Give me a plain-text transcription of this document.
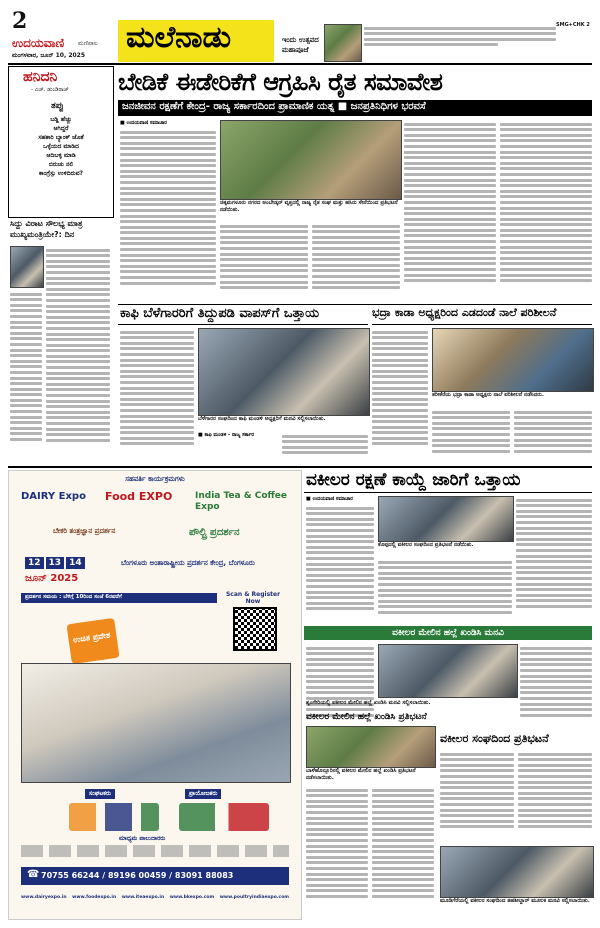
2
ಉದಯವಾಣಿ ಮಣಿಪಾಲ
ಮಂಗಳವಾರ, ಜೂನ್ 10, 2025
ಮಲೆನಾಡು	ಇಂದು ಉತ್ಸವದ
ಮಹಾಪೂಜೆ
SMG+CHK 2
ಹನಿದನಿ
- ಎಚ್. ಡುಂಡಿರಾಜ್
ತಪ್ಪು
ಬಡ್ಡಿ ಹೆಚ್ಚು
ಆಗಿದ್ದರೆ
ಸಹಕಾರಿ ಬ್ಯಾಂಕ್ ಜೊತೆ
ಒಳ್ಳೆಯದ ಮಾಡಿದ
ಆದಿಬಳ್ಳಿ ಮಾಡಿ
ಬಿರುಚು ನಲಿ
ಕಾಂಗ್ರೆಸ್ಸು ಉಳಿದಿರುವ?
ಸಿದ್ದು ವಿರಾಟ ಸೌಲಭ್ಯ ಮಾತ್ರ ಮುಖ್ಯಮಂತ್ರಿಯೇ?: ದಿನ
ಬೇಡಿಕೆ ಈಡೇರಿಕೆಗೆ ಆಗ್ರಹಿಸಿ ರೈತ ಸಮಾವೇಶ
ಜನಜೀವನ ರಕ್ಷಣೆಗೆ ಕೇಂದ್ರ- ರಾಜ್ಯ ಸರ್ಕಾರದಿಂದ ಪ್ರಾಮಾಣಿಕ ಯತ್ನ ■ ಜನಪ್ರತಿನಿಧಿಗಳ ಭರವಸೆ
■ ಉದಯವಾಣಿ ಸಮಾಚಾರ
ಚಿಕ್ಕಮಗಳೂರು ನಗರದ ಅಂಬೇಡ್ಕರ್ ವೃತ್ತದಲ್ಲಿ ರಾಜ್ಯ ರೈತ ಸಂಘ ಮತ್ತು ಹಸಿರು ಸೇನೆಯಿಂದ ಪ್ರತಿಭಟನೆ ನಡೆಯಿತು.
ಕಾಫಿ ಬೆಳೆಗಾರರಿಗೆ ತಿದ್ದುಪಡಿ ವಾಪಸ್‌ಗೆ ಒತ್ತಾಯ
ಬೆಳೆಗಾರರ ಸಂಘದಿಂದ ಕಾಫಿ ಮಂಡಳಿ ಅಧ್ಯಕ್ಷರಿಗೆ ಮನವಿ ಸಲ್ಲಿಸಲಾಯಿತು.
■ ಕಾಫಿ ಮಂಡಳಿ - ರಾಜ್ಯ ಸರ್ಕಾರ
ಭದ್ರಾ ಕಾಡಾ ಅಧ್ಯಕ್ಷರಿಂದ ಎಡದಂಡೆ ನಾಲೆ ಪರಿಶೀಲನೆ
ತರೀಕೆರೆಯ ಭದ್ರಾ ಕಾಡಾ ಅಧ್ಯಕ್ಷರು ನಾಲೆ ಪರಿಶೀಲನೆ ನಡೆಸಿದರು.
ಸಹವರ್ತಿ ಕಾರ್ಯಕ್ರಮಗಳು
DAIRY Expo Food EXPO	India Tea & Coffee Expo
ಬೇಕರಿ ತಂತ್ರಜ್ಞಾನ ಪ್ರದರ್ಶನ	ಪೌಲ್ಟ್ರಿ ಪ್ರದರ್ಶನ
12 13 14
ಜೂನ್ 2025
ಬೆಂಗಳೂರು ಅಂತಾರಾಷ್ಟ್ರೀಯ ಪ್ರದರ್ಶನ ಕೇಂದ್ರ, ಬೆಂಗಳೂರು
ಪ್ರದರ್ಶನ ಸಮಯ : ಬೆಳಿಗ್ಗೆ 10ರಿಂದ ಸಂಜೆ 6ರವರೆಗೆ	Scan & Register Now
ಉಚಿತ ಪ್ರವೇಶ
ಸಂಘಟಕರು	ಪ್ರಾಯೋಜಕರು
ಮಾಧ್ಯಮ ಪಾಲುದಾರರು
☎ 70755 66244 / 89196 00459 / 83091 88083
www.dairyexpo.in www.foodexpo.in www.iteaexpo.in www.bkexpo.com www.poultryindiaexpo.com
ವಕೀಲರ ರಕ್ಷಣೆ ಕಾಯ್ದೆ ಜಾರಿಗೆ ಒತ್ತಾಯ
■ ಉದಯವಾಣಿ ಸಮಾಚಾರ
ಕೊಪ್ಪದಲ್ಲಿ ವಕೀಲರ ಸಂಘದಿಂದ ಪ್ರತಿಭಟನೆ ನಡೆಯಿತು.
ವಕೀಲರ ಮೇಲಿನ ಹಲ್ಲೆ ಖಂಡಿಸಿ ಮನವಿ
ಶೃಂಗೇರಿಯಲ್ಲಿ ವಕೀಲರ ಮೇಲಿನ ಹಲ್ಲೆ ಖಂಡಿಸಿ ಮನವಿ ಸಲ್ಲಿಸಲಾಯಿತು.
ವಕೀಲರ ಮೇಲಿನ ಹಲ್ಲೆ ಖಂಡಿಸಿ ಪ್ರತಿಭಟನೆ
ಬಾಳೆಹೊನ್ನೂರಿನಲ್ಲಿ ವಕೀಲರ ಮೇಲಿನ ಹಲ್ಲೆ ಖಂಡಿಸಿ ಪ್ರತಿಭಟನೆ ನಡೆಸಲಾಯಿತು.
ವಕೀಲರ ಸಂಘದಿಂದ ಪ್ರತಿಭಟನೆ
ಮೂಡಿಗೆರೆಯಲ್ಲಿ ವಕೀಲರ ಸಂಘದಿಂದ ತಹಶೀಲ್ದಾರ್ ಮೂಲಕ ಮನವಿ ಸಲ್ಲಿಸಲಾಯಿತು.
